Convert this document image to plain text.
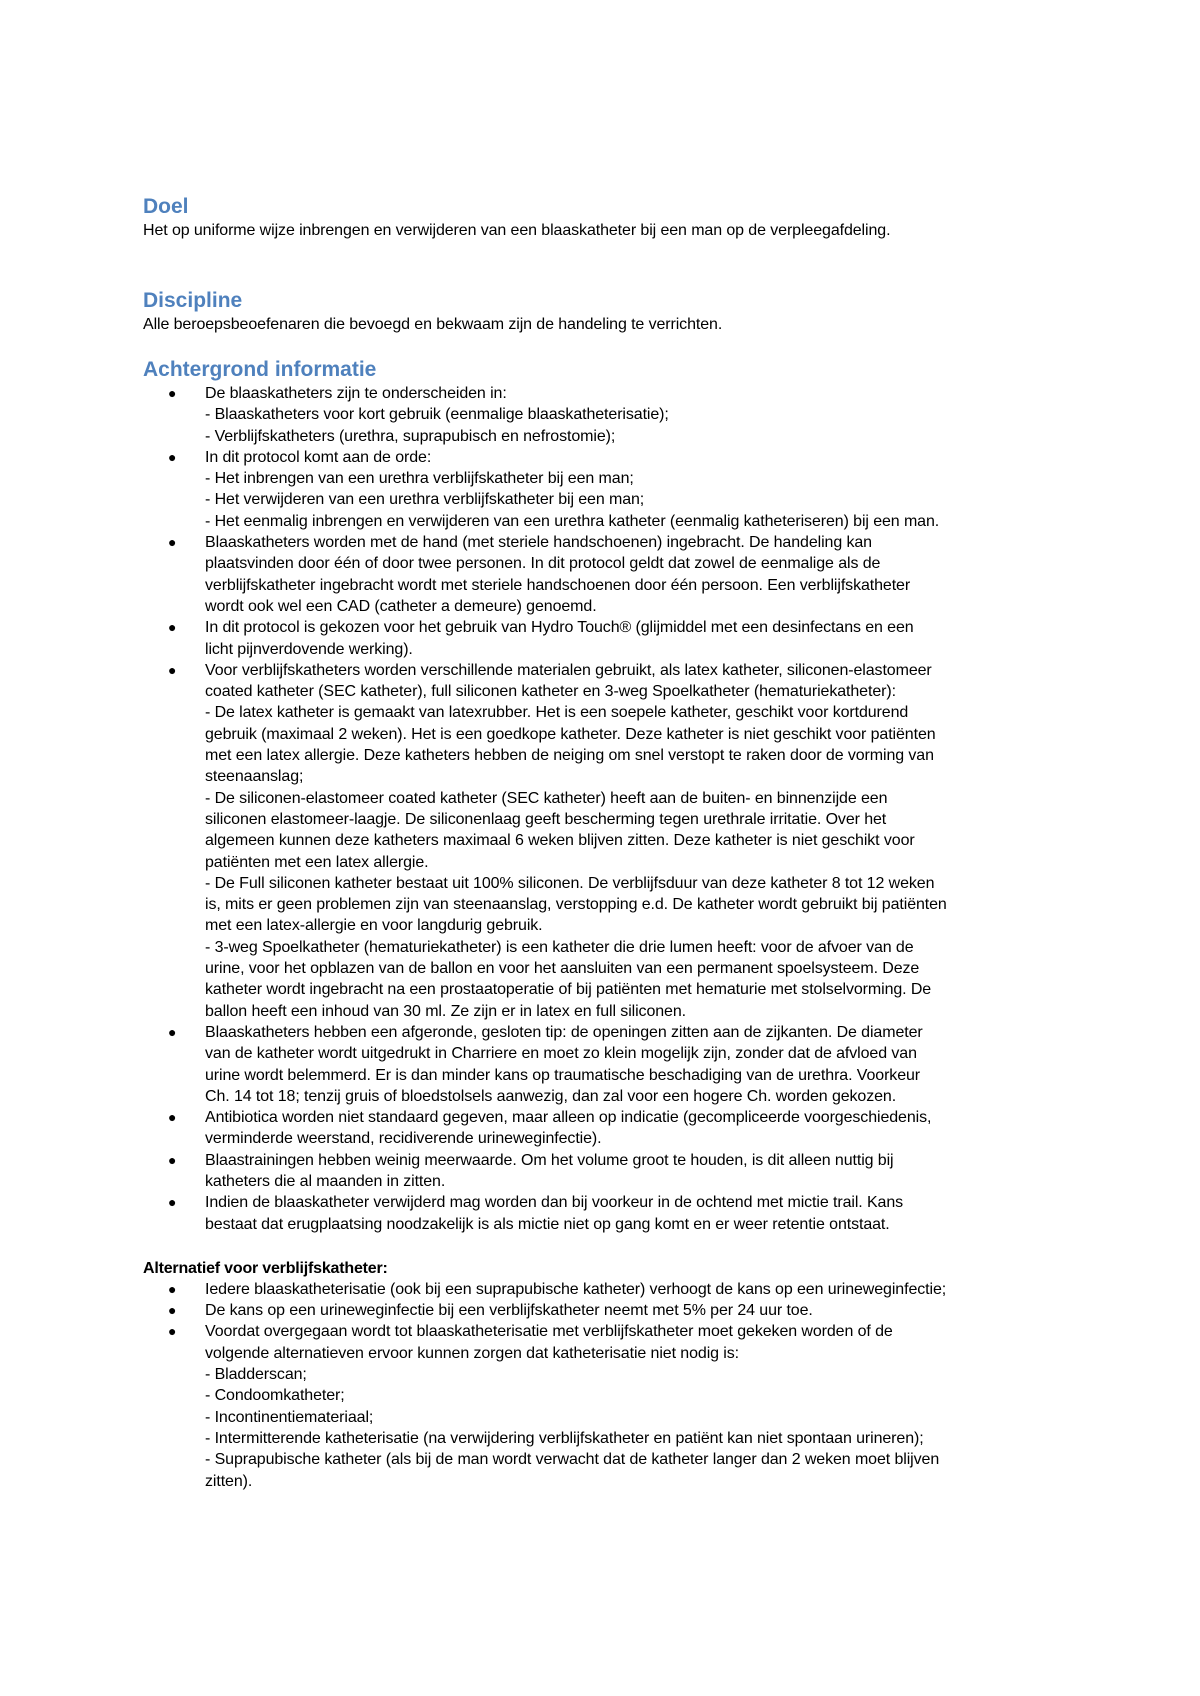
Doel

Het op uniforme wijze inbrengen en verwijderen van een blaaskatheter bij een man op de verpleegafdeling.

Discipline

Alle beroepsbeoefenaren die bevoegd en bekwaam zijn de handeling te verrichten.

Achtergrond informatie
● De blaaskatheters zijn te onderscheiden in:
- Blaaskatheters voor kort gebruik (eenmalige blaaskatheterisatie);
- Verblijfskatheters (urethra, suprapubisch en nefrostomie);
● In dit protocol komt aan de orde:
- Het inbrengen van een urethra verblijfskatheter bij een man;
- Het verwijderen van een urethra verblijfskatheter bij een man;
- Het eenmalig inbrengen en verwijderen van een urethra katheter (eenmalig katheteriseren) bij een man.
● Blaaskatheters worden met de hand (met steriele handschoenen) ingebracht. De handeling kan
plaatsvinden door één of door twee personen. In dit protocol geldt dat zowel de eenmalige als de
verblijfskatheter ingebracht wordt met steriele handschoenen door één persoon. Een verblijfskatheter
wordt ook wel een CAD (catheter a demeure) genoemd.
● In dit protocol is gekozen voor het gebruik van Hydro Touch® (glijmiddel met een desinfectans en een
licht pijnverdovende werking).
● Voor verblijfskatheters worden verschillende materialen gebruikt, als latex katheter, siliconen-elastomeer
coated katheter (SEC katheter), full siliconen katheter en 3-weg Spoelkatheter (hematuriekatheter):
- De latex katheter is gemaakt van latexrubber. Het is een soepele katheter, geschikt voor kortdurend
gebruik (maximaal 2 weken). Het is een goedkope katheter. Deze katheter is niet geschikt voor patiënten
met een latex allergie. Deze katheters hebben de neiging om snel verstopt te raken door de vorming van
steenaanslag;
- De siliconen-elastomeer coated katheter (SEC katheter) heeft aan de buiten- en binnenzijde een
siliconen elastomeer-laagje. De siliconenlaag geeft bescherming tegen urethrale irritatie. Over het
algemeen kunnen deze katheters maximaal 6 weken blijven zitten. Deze katheter is niet geschikt voor
patiënten met een latex allergie.
- De Full siliconen katheter bestaat uit 100% siliconen. De verblijfsduur van deze katheter 8 tot 12 weken
is, mits er geen problemen zijn van steenaanslag, verstopping e.d. De katheter wordt gebruikt bij patiënten
met een latex-allergie en voor langdurig gebruik.
- 3-weg Spoelkatheter (hematuriekatheter) is een katheter die drie lumen heeft: voor de afvoer van de
urine, voor het opblazen van de ballon en voor het aansluiten van een permanent spoelsysteem. Deze
katheter wordt ingebracht na een prostaatoperatie of bij patiënten met hematurie met stolselvorming. De
ballon heeft een inhoud van 30 ml. Ze zijn er in latex en full siliconen.
● Blaaskatheters hebben een afgeronde, gesloten tip: de openingen zitten aan de zijkanten. De diameter
van de katheter wordt uitgedrukt in Charriere en moet zo klein mogelijk zijn, zonder dat de afvloed van
urine wordt belemmerd. Er is dan minder kans op traumatische beschadiging van de urethra. Voorkeur
Ch. 14 tot 18; tenzij gruis of bloedstolsels aanwezig, dan zal voor een hogere Ch. worden gekozen.
● Antibiotica worden niet standaard gegeven, maar alleen op indicatie (gecompliceerde voorgeschiedenis,
verminderde weerstand, recidiverende urineweginfectie).
● Blaastrainingen hebben weinig meerwaarde. Om het volume groot te houden, is dit alleen nuttig bij
katheters die al maanden in zitten.
● Indien de blaaskatheter verwijderd mag worden dan bij voorkeur in de ochtend met mictie trail. Kans
bestaat dat erugplaatsing noodzakelijk is als mictie niet op gang komt en er weer retentie ontstaat.

Alternatief voor verblijfskatheter:

● Iedere blaaskatheterisatie (ook bij een suprapubische katheter) verhoogt de kans op een urineweginfectie;
● De kans op een urineweginfectie bij een verblijfskatheter neemt met 5% per 24 uur toe.
● Voordat overgegaan wordt tot blaaskatheterisatie met verblijfskatheter moet gekeken worden of de
volgende alternatieven ervoor kunnen zorgen dat katheterisatie niet nodig is:
- Bladderscan;
- Condoomkatheter;
- Incontinentiemateriaal;
- Intermitterende katheterisatie (na verwijdering verblijfskatheter en patiënt kan niet spontaan urineren);
- Suprapubische katheter (als bij de man wordt verwacht dat de katheter langer dan 2 weken moet blijven
zitten).
